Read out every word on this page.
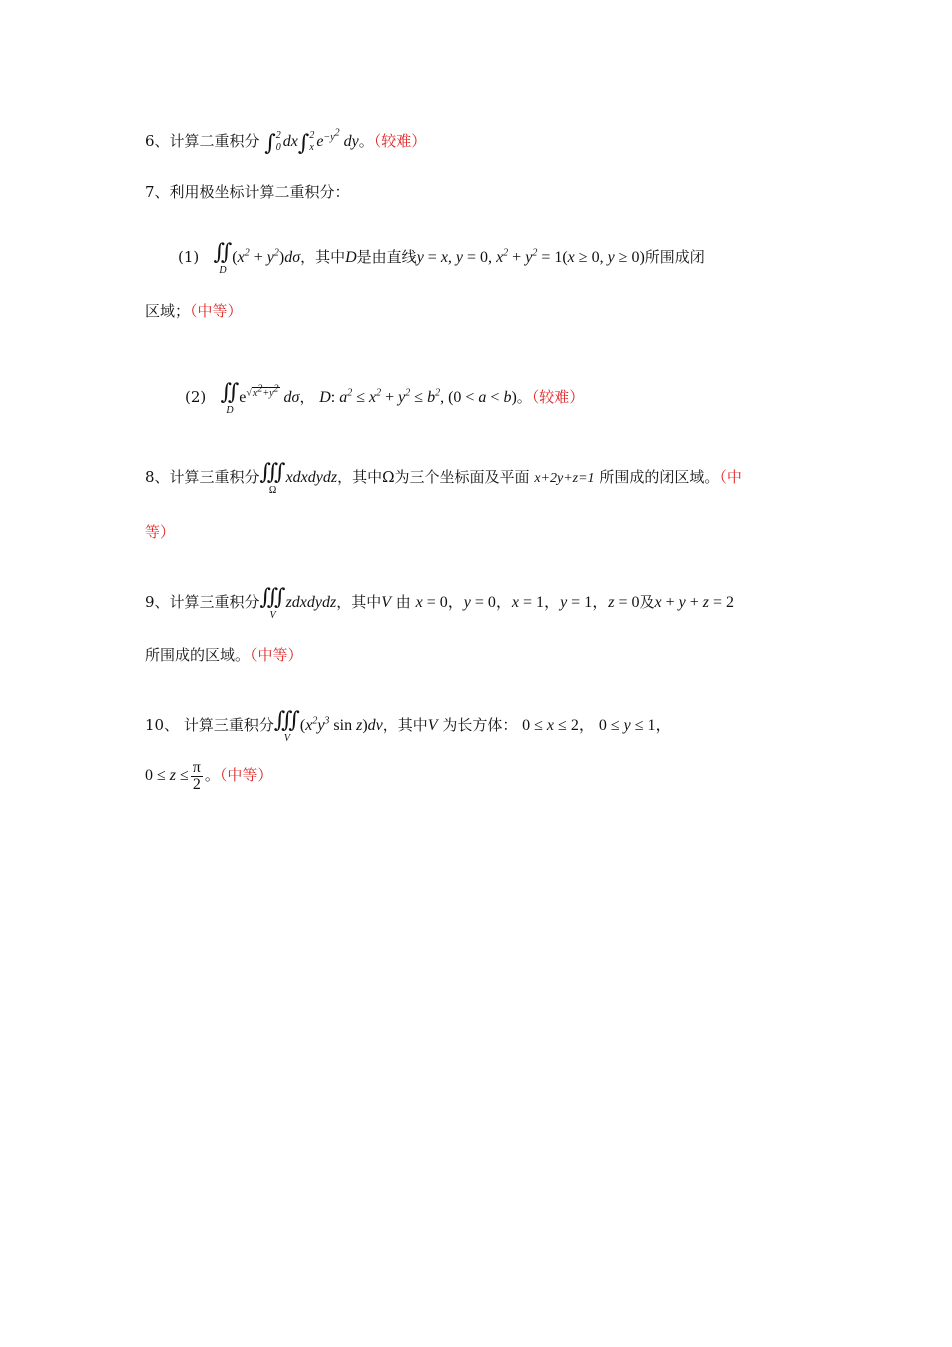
6、计算二重积分 ∫ 2
0 dx∫ 2
x $e^{-y^2}$ dy。（较难）
7、利用极坐标计算二重积分：
(1) ∬
D
$(x^2 + y^2)d\sigma$，其中D是由直线y = x, y = 0, $x^2 + y^2 = 1(x \ge 0$, y ≥ 0)所围成闭
区域；（中等）
(2) ∬
D
$e^{√x^2+y^2}$ dσ， D: $a^2 \le x^2 + y^2 \le b^2$, (0 < a < b)。（较难）
8、计算三重积分 ∭
Ω
xdxdydz，其中Ω为三个坐标面及平面 x+2y+z=1 所围成的闭区域。（中
等）
9、计算三重积分 ∭
V
zdxdydz，其中V 由 x = 0，y = 0，x = 1，y = 1，z = 0及x + y + z = 2
所围成的区域。（中等）
10、 计算三重积分 ∭
V
($x^2y^3$ sin z)dv，其中V 为长方体： 0 ≤ x ≤ 2， 0 ≤ y ≤ 1，
$0 \le z \le \frac{\pi}{2}$ 。（中等）
